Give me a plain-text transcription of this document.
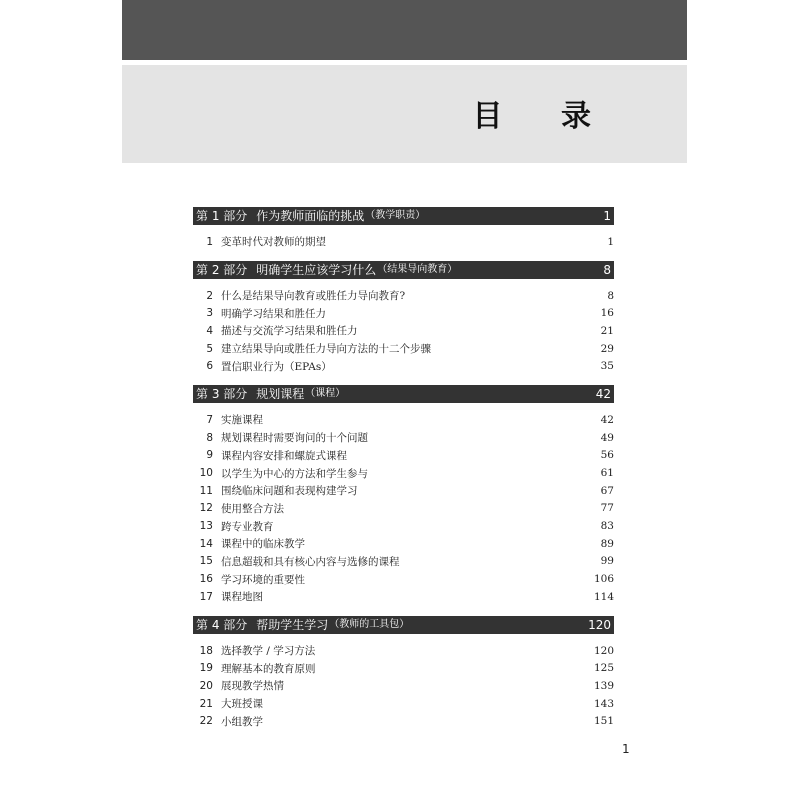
目 录
第 1 部分 作为教师面临的挑战 （教学职责）	1
1 变革时代对教师的期望	1
第 2 部分 明确学生应该学习什么 （结果导向教育）	8
2 什么是结果导向教育或胜任力导向教育?	8
3 明确学习结果和胜任力	16
4 描述与交流学习结果和胜任力	21
5 建立结果导向或胜任力导向方法的十二个步骤	29
6 置信职业行为（EPAs）	35
第 3 部分 规划课程 （课程）	42
7 实施课程	42
8 规划课程时需要询问的十个问题	49
9 课程内容安排和螺旋式课程	56
10 以学生为中心的方法和学生参与	61
11 围绕临床问题和表现构建学习	67
12 使用整合方法	77
13 跨专业教育	83
14 课程中的临床教学	89
15 信息超载和具有核心内容与选修的课程	99
16 学习环境的重要性	106
17 课程地图	114
第 4 部分 帮助学生学习 （教师的工具包）	120
18 选择教学 / 学习方法	120
19 理解基本的教育原则	125
20 展现教学热情	139
21 大班授课	143
22 小组教学	151
1
